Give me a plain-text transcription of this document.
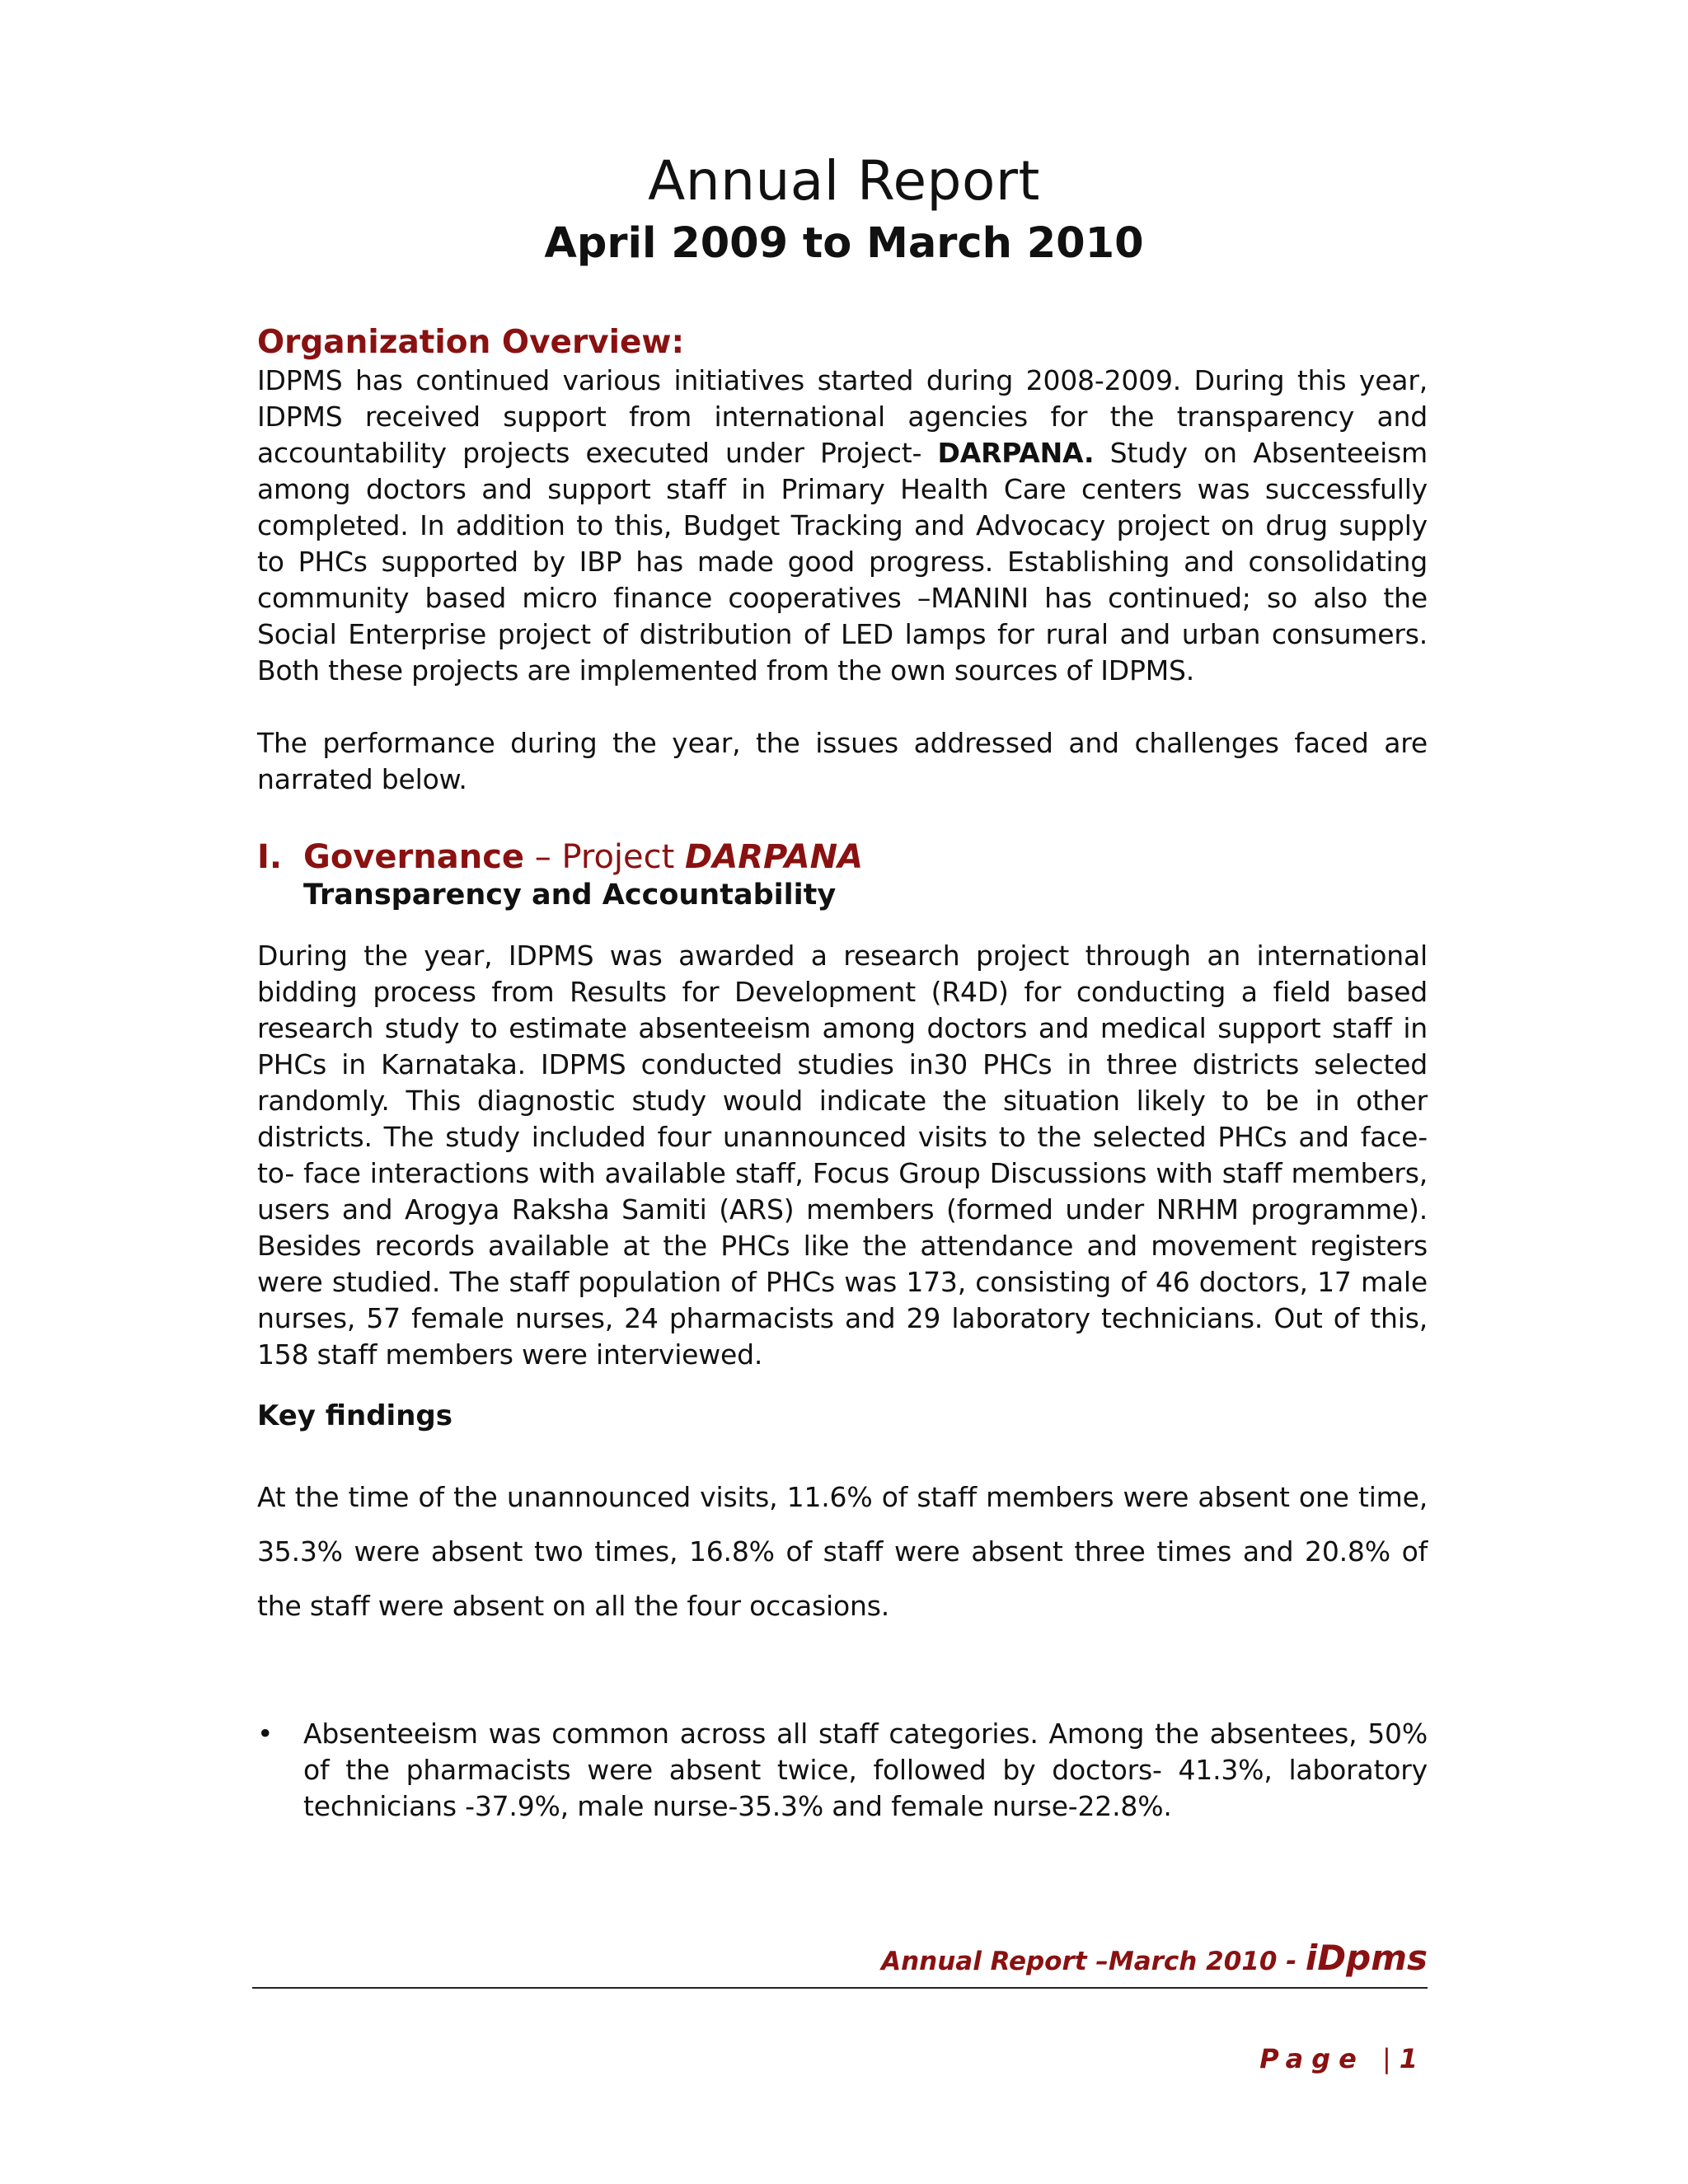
Annual Report
April 2009 to March 2010
Organization Overview:

IDPMS has continued various initiatives started during 2008-2009. During this year, IDPMS received support from international agencies for the transparency and accountability projects executed under Project- DARPANA. Study on Absenteeism among doctors and support staff in Primary Health Care centers was successfully completed. In addition to this, Budget Tracking and Advocacy project on drug supply to PHCs supported by IBP has made good progress. Establishing and consolidating community based micro finance cooperatives –MANINI has continued; so also the Social Enterprise project of distribution of LED lamps for rural and urban consumers. Both these projects are implemented from the own sources of IDPMS.

The performance during the year, the issues addressed and challenges faced are narrated below.

I. Governance – Project DARPANA
Transparency and Accountability

During the year, IDPMS was awarded a research project through an international bidding process from Results for Development (R4D) for conducting a field based research study to estimate absenteeism among doctors and medical support staff in PHCs in Karnataka. IDPMS conducted studies in30 PHCs in three districts selected randomly. This diagnostic study would indicate the situation likely to be in other districts. The study included four unannounced visits to the selected PHCs and face- to- face interactions with available staff, Focus Group Discussions with staff members, users and Arogya Raksha Samiti (ARS) members (formed under NRHM programme). Besides records available at the PHCs like the attendance and movement registers were studied. The staff population of PHCs was 173, consisting of 46 doctors, 17 male nurses, 57 female nurses, 24 pharmacists and 29 laboratory technicians. Out of this, 158 staff members were interviewed.

Key findings

At the time of the unannounced visits, 11.6% of staff members were absent one time, 35.3% were absent two times, 16.8% of staff were absent three times and 20.8% of the staff were absent on all the four occasions.

•	Absenteeism was common across all staff categories. Among the absentees, 50% of the pharmacists were absent twice, followed by doctors- 41.3%, laboratory technicians -37.9%, male nurse-35.3% and female nurse-22.8%.

Annual Report –March 2010 - iDpms
Page |1
